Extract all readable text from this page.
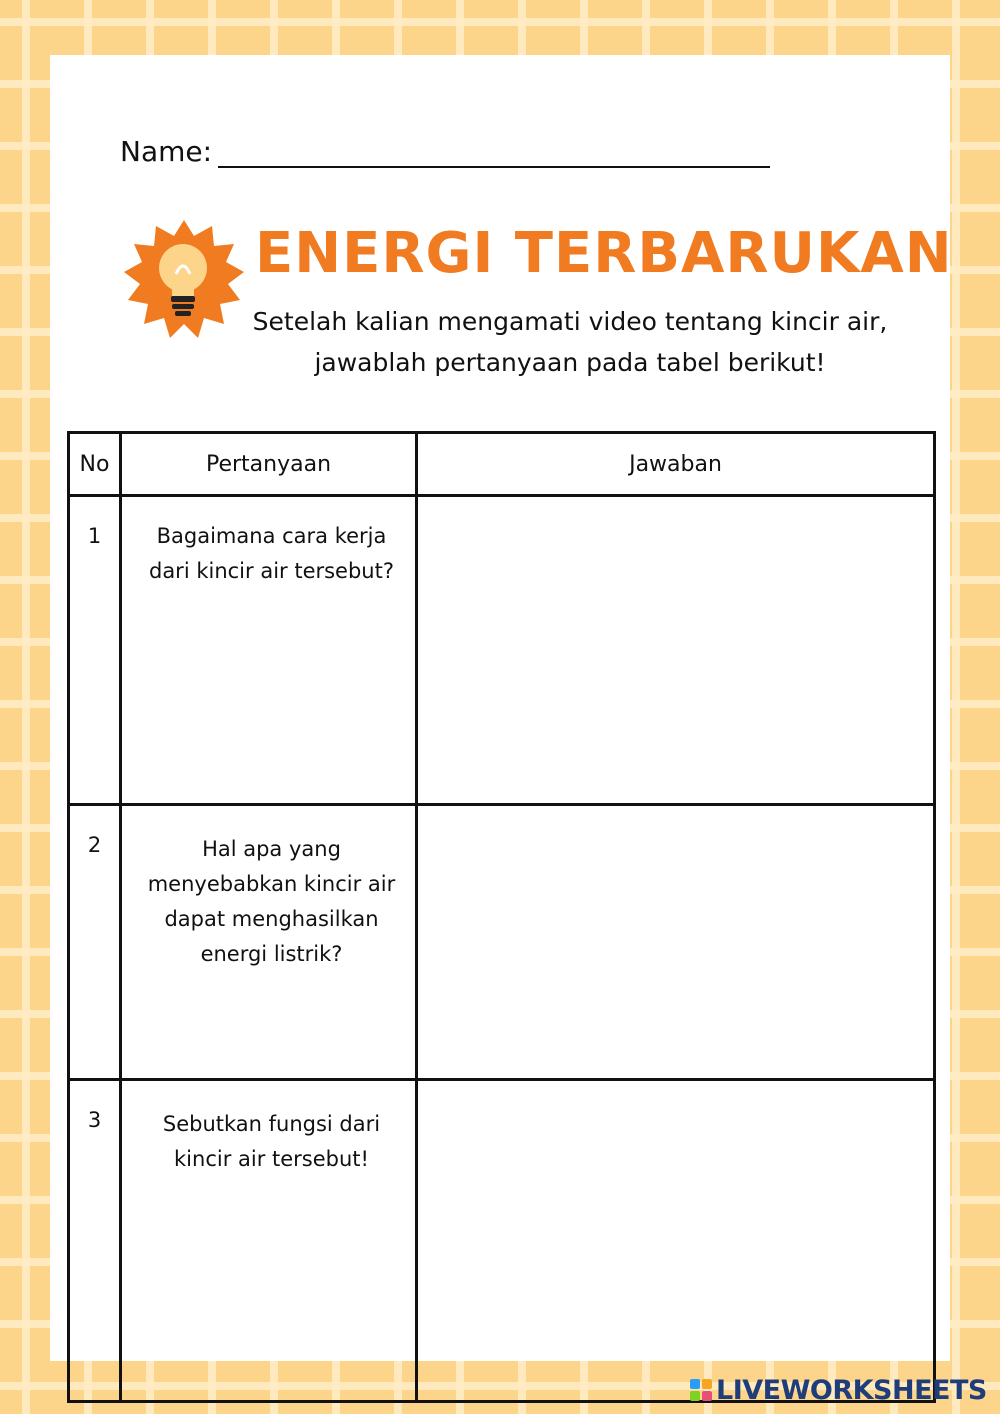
Name:
ENERGI TERBARUKAN
Setelah kalian mengamati video tentang kincir air, jawablah pertanyaan pada tabel berikut!
No	Pertanyaan	Jawaban
1	Bagaimana cara kerja dari kincir air tersebut?	
2	Hal apa yang menyebabkan kincir air dapat menghasilkan energi listrik?	
3	Sebutkan fungsi dari kincir air tersebut!	
LIVEWORKSHEETS
